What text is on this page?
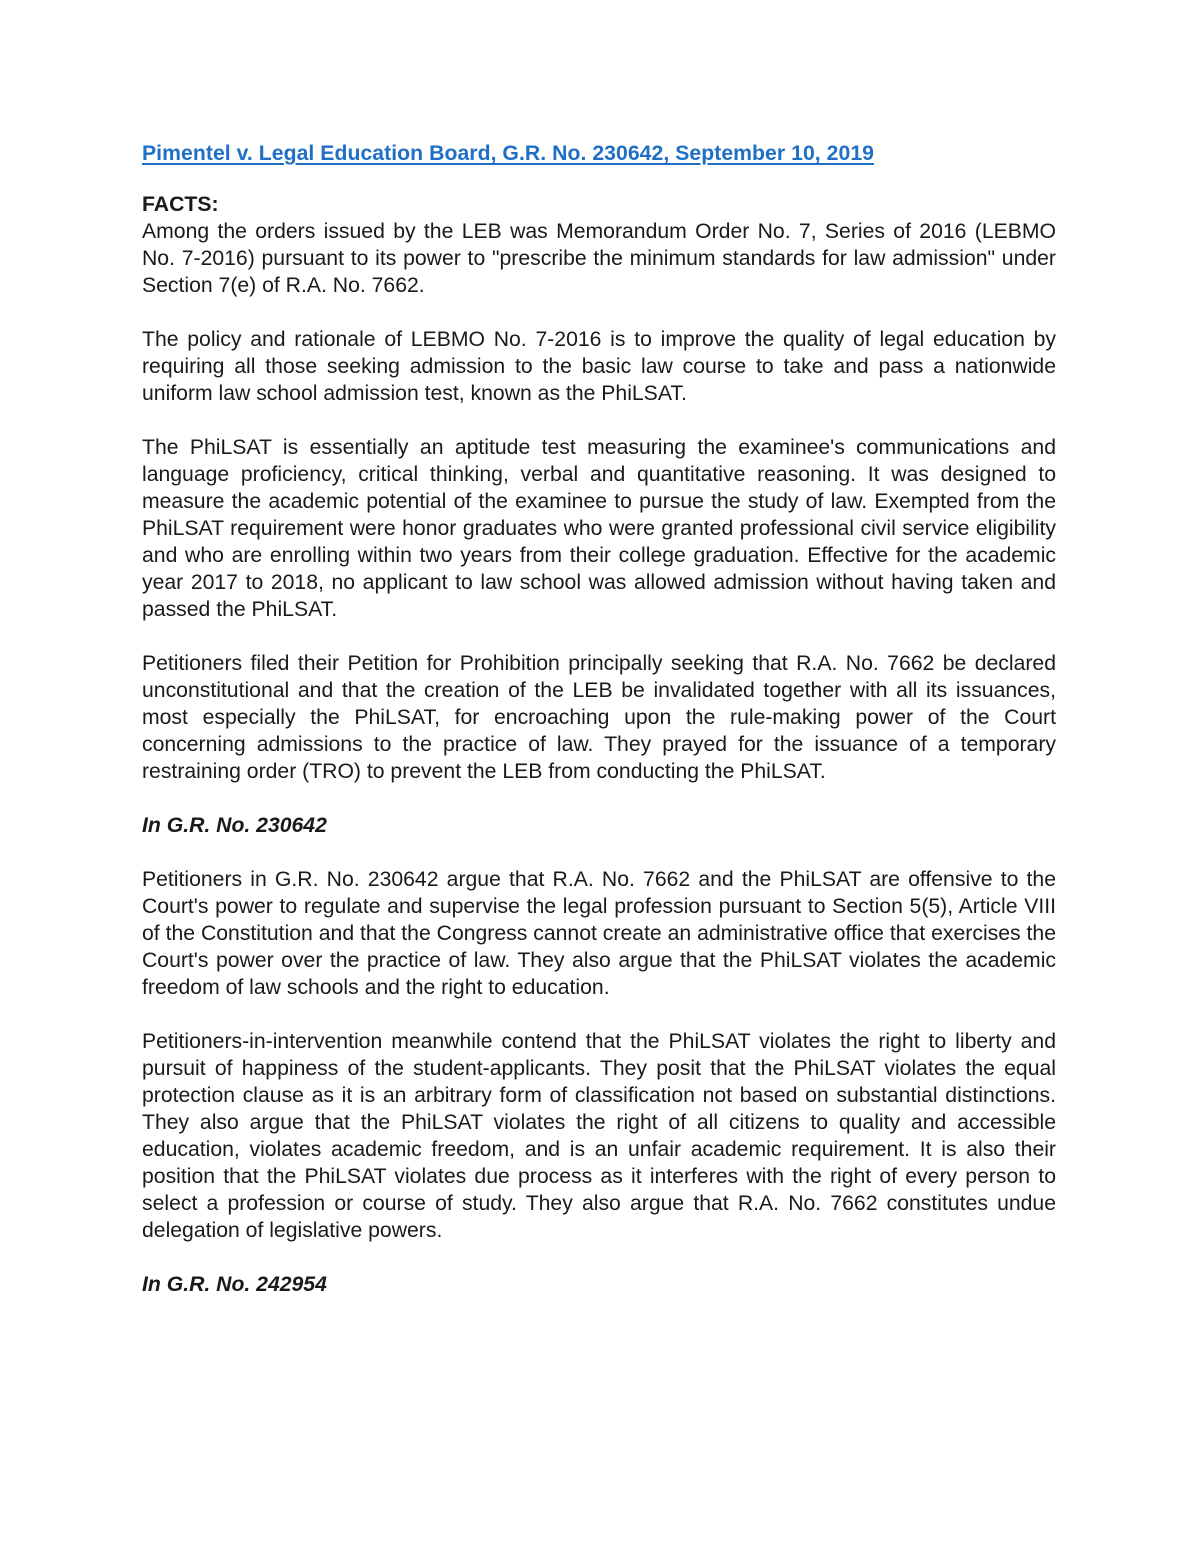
Pimentel v. Legal Education Board, G.R. No. 230642, September 10, 2019
FACTS:

Among the orders issued by the LEB was Memorandum Order No. 7, Series of 2016 (LEBMO No. 7-2016) pursuant to its power to "prescribe the minimum standards for law admission" under Section 7(e) of R.A. No. 7662.

The policy and rationale of LEBMO No. 7-2016 is to improve the quality of legal education by requiring all those seeking admission to the basic law course to take and pass a nationwide uniform law school admission test, known as the PhiLSAT.

The PhiLSAT is essentially an aptitude test measuring the examinee's communications and language proficiency, critical thinking, verbal and quantitative reasoning. It was designed to measure the academic potential of the examinee to pursue the study of law. Exempted from the PhiLSAT requirement were honor graduates who were granted professional civil service eligibility and who are enrolling within two years from their college graduation. Effective for the academic year 2017 to 2018, no applicant to law school was allowed admission without having taken and passed the PhiLSAT.

Petitioners filed their Petition for Prohibition principally seeking that R.A. No. 7662 be declared unconstitutional and that the creation of the LEB be invalidated together with all its issuances, most especially the PhiLSAT, for encroaching upon the rule-making power of the Court concerning admissions to the practice of law. They prayed for the issuance of a temporary restraining order (TRO) to prevent the LEB from conducting the PhiLSAT.

In G.R. No. 230642

Petitioners in G.R. No. 230642 argue that R.A. No. 7662 and the PhiLSAT are offensive to the Court's power to regulate and supervise the legal profession pursuant to Section 5(5), Article VIII of the Constitution and that the Congress cannot create an administrative office that exercises the Court's power over the practice of law. They also argue that the PhiLSAT violates the academic freedom of law schools and the right to education.

Petitioners-in-intervention meanwhile contend that the PhiLSAT violates the right to liberty and pursuit of happiness of the student-applicants. They posit that the PhiLSAT violates the equal protection clause as it is an arbitrary form of classification not based on substantial distinctions. They also argue that the PhiLSAT violates the right of all citizens to quality and accessible education, violates academic freedom, and is an unfair academic requirement. It is also their position that the PhiLSAT violates due process as it interferes with the right of every person to select a profession or course of study. They also argue that R.A. No. 7662 constitutes undue delegation of legislative powers.

In G.R. No. 242954
